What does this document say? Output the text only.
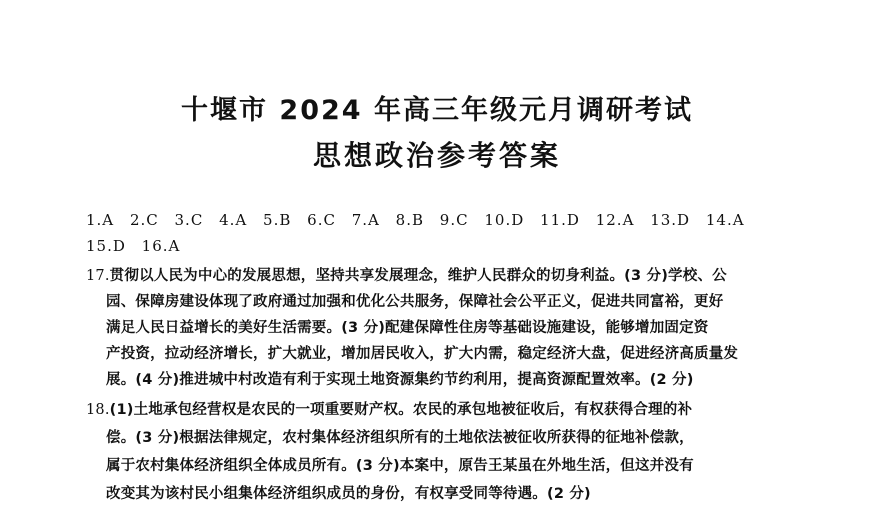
十堰市 2024 年高三年级元月调研考试
思想政治参考答案
1.A 2.C 3.C 4.A 5.B 6.C 7.A 8.B 9.C 10.D 11.D 12.A 13.D 14.A
15.D 16.A
17.贯彻以人民为中心的发展思想，坚持共享发展理念，维护人民群众的切身利益。(3 分)学校、公
园、保障房建设体现了政府通过加强和优化公共服务，保障社会公平正义，促进共同富裕，更好
满足人民日益增长的美好生活需要。(3 分)配建保障性住房等基础设施建设，能够增加固定资
产投资，拉动经济增长，扩大就业，增加居民收入，扩大内需，稳定经济大盘，促进经济高质量发
展。(4 分)推进城中村改造有利于实现土地资源集约节约利用，提高资源配置效率。(2 分)
18.(1)土地承包经营权是农民的一项重要财产权。农民的承包地被征收后，有权获得合理的补
偿。(3 分)根据法律规定，农村集体经济组织所有的土地依法被征收所获得的征地补偿款，
属于农村集体经济组织全体成员所有。(3 分)本案中，原告王某虽在外地生活，但这并没有
改变其为该村民小组集体经济组织成员的身份，有权享受同等待遇。(2 分)
